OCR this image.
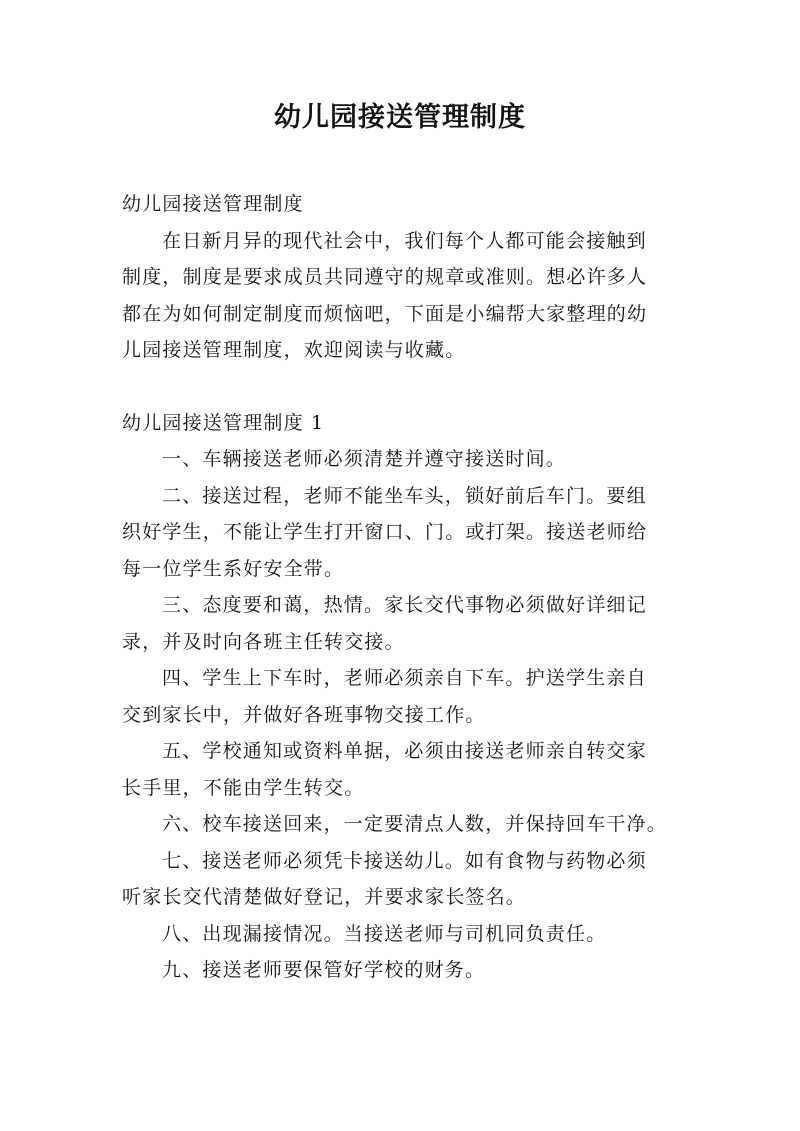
幼儿园接送管理制度
幼儿园接送管理制度
在日新月异的现代社会中，我们每个人都可能会接触到
制度，制度是要求成员共同遵守的规章或准则。想必许多人
都在为如何制定制度而烦恼吧，下面是小编帮大家整理的幼
儿园接送管理制度，欢迎阅读与收藏。
幼儿园接送管理制度 1
一、车辆接送老师必须清楚并遵守接送时间。
二、接送过程，老师不能坐车头，锁好前后车门。要组
织好学生，不能让学生打开窗口、门。或打架。接送老师给
每一位学生系好安全带。
三、态度要和蔼，热情。家长交代事物必须做好详细记
录，并及时向各班主任转交接。
四、学生上下车时，老师必须亲自下车。护送学生亲自
交到家长中，并做好各班事物交接工作。
五、学校通知或资料单据，必须由接送老师亲自转交家
长手里，不能由学生转交。
六、校车接送回来，一定要清点人数，并保持回车干净。
七、接送老师必须凭卡接送幼儿。如有食物与药物必须
听家长交代清楚做好登记，并要求家长签名。
八、出现漏接情况。当接送老师与司机同负责任。
九、接送老师要保管好学校的财务。
